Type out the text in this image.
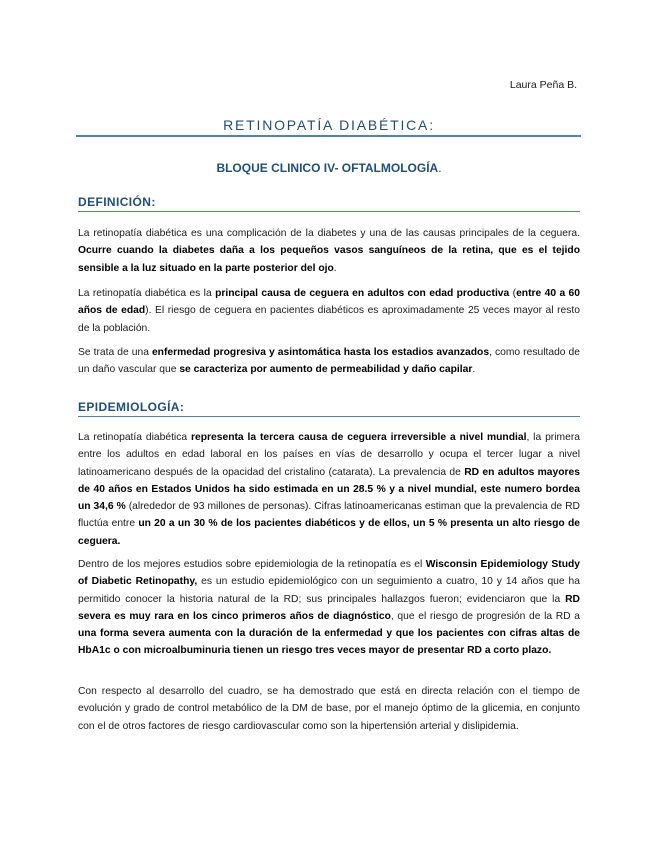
Laura Peña B.
RETINOPATÍA DIABÉTICA:
BLOQUE CLINICO IV- OFTALMOLOGÍA.
DEFINICIÓN:

La retinopatía diabética es una complicación de la diabetes y una de las causas principales de la ceguera. Ocurre cuando la diabetes daña a los pequeños vasos sanguíneos de la retina, que es el tejido sensible a la luz situado en la parte posterior del ojo.

La retinopatía diabética es la principal causa de ceguera en adultos con edad productiva (entre 40 a 60 años de edad). El riesgo de ceguera en pacientes diabéticos es aproximadamente 25 veces mayor al resto de la población.

Se trata de una enfermedad progresiva y asintomática hasta los estadios avanzados, como resultado de un daño vascular que se caracteriza por aumento de permeabilidad y daño capilar.

EPIDEMIOLOGÍA:

La retinopatía diabética representa la tercera causa de ceguera irreversible a nivel mundial, la primera entre los adultos en edad laboral en los países en vías de desarrollo y ocupa el tercer lugar a nivel latinoamericano después de la opacidad del cristalino (catarata). La prevalencia de RD en adultos mayores de 40 años en Estados Unidos ha sido estimada en un 28.5 % y a nivel mundial, este numero bordea un 34,6 % (alrededor de 93 millones de personas). Cifras latinoamericanas estiman que la prevalencia de RD fluctúa entre un 20 a un 30 % de los pacientes diabéticos y de ellos, un 5 % presenta un alto riesgo de ceguera.

Dentro de los mejores estudios sobre epidemiologia de la retinopatía es el Wisconsin Epidemiology Study of Diabetic Retinopathy, es un estudio epidemiológico con un seguimiento a cuatro, 10 y 14 años que ha permitido conocer la historia natural de la RD; sus principales hallazgos fueron; evidenciaron que la RD severa es muy rara en los cinco primeros años de diagnóstico, que el riesgo de progresión de la RD a una forma severa aumenta con la duración de la enfermedad y que los pacientes con cifras altas de HbA1c o con microalbuminuria tienen un riesgo tres veces mayor de presentar RD a corto plazo.

Con respecto al desarrollo del cuadro, se ha demostrado que está en directa relación con el tiempo de evolución y grado de control metabólico de la DM de base, por el manejo óptimo de la glicemia, en conjunto con el de otros factores de riesgo cardiovascular como son la hipertensión arterial y dislipidemia.
